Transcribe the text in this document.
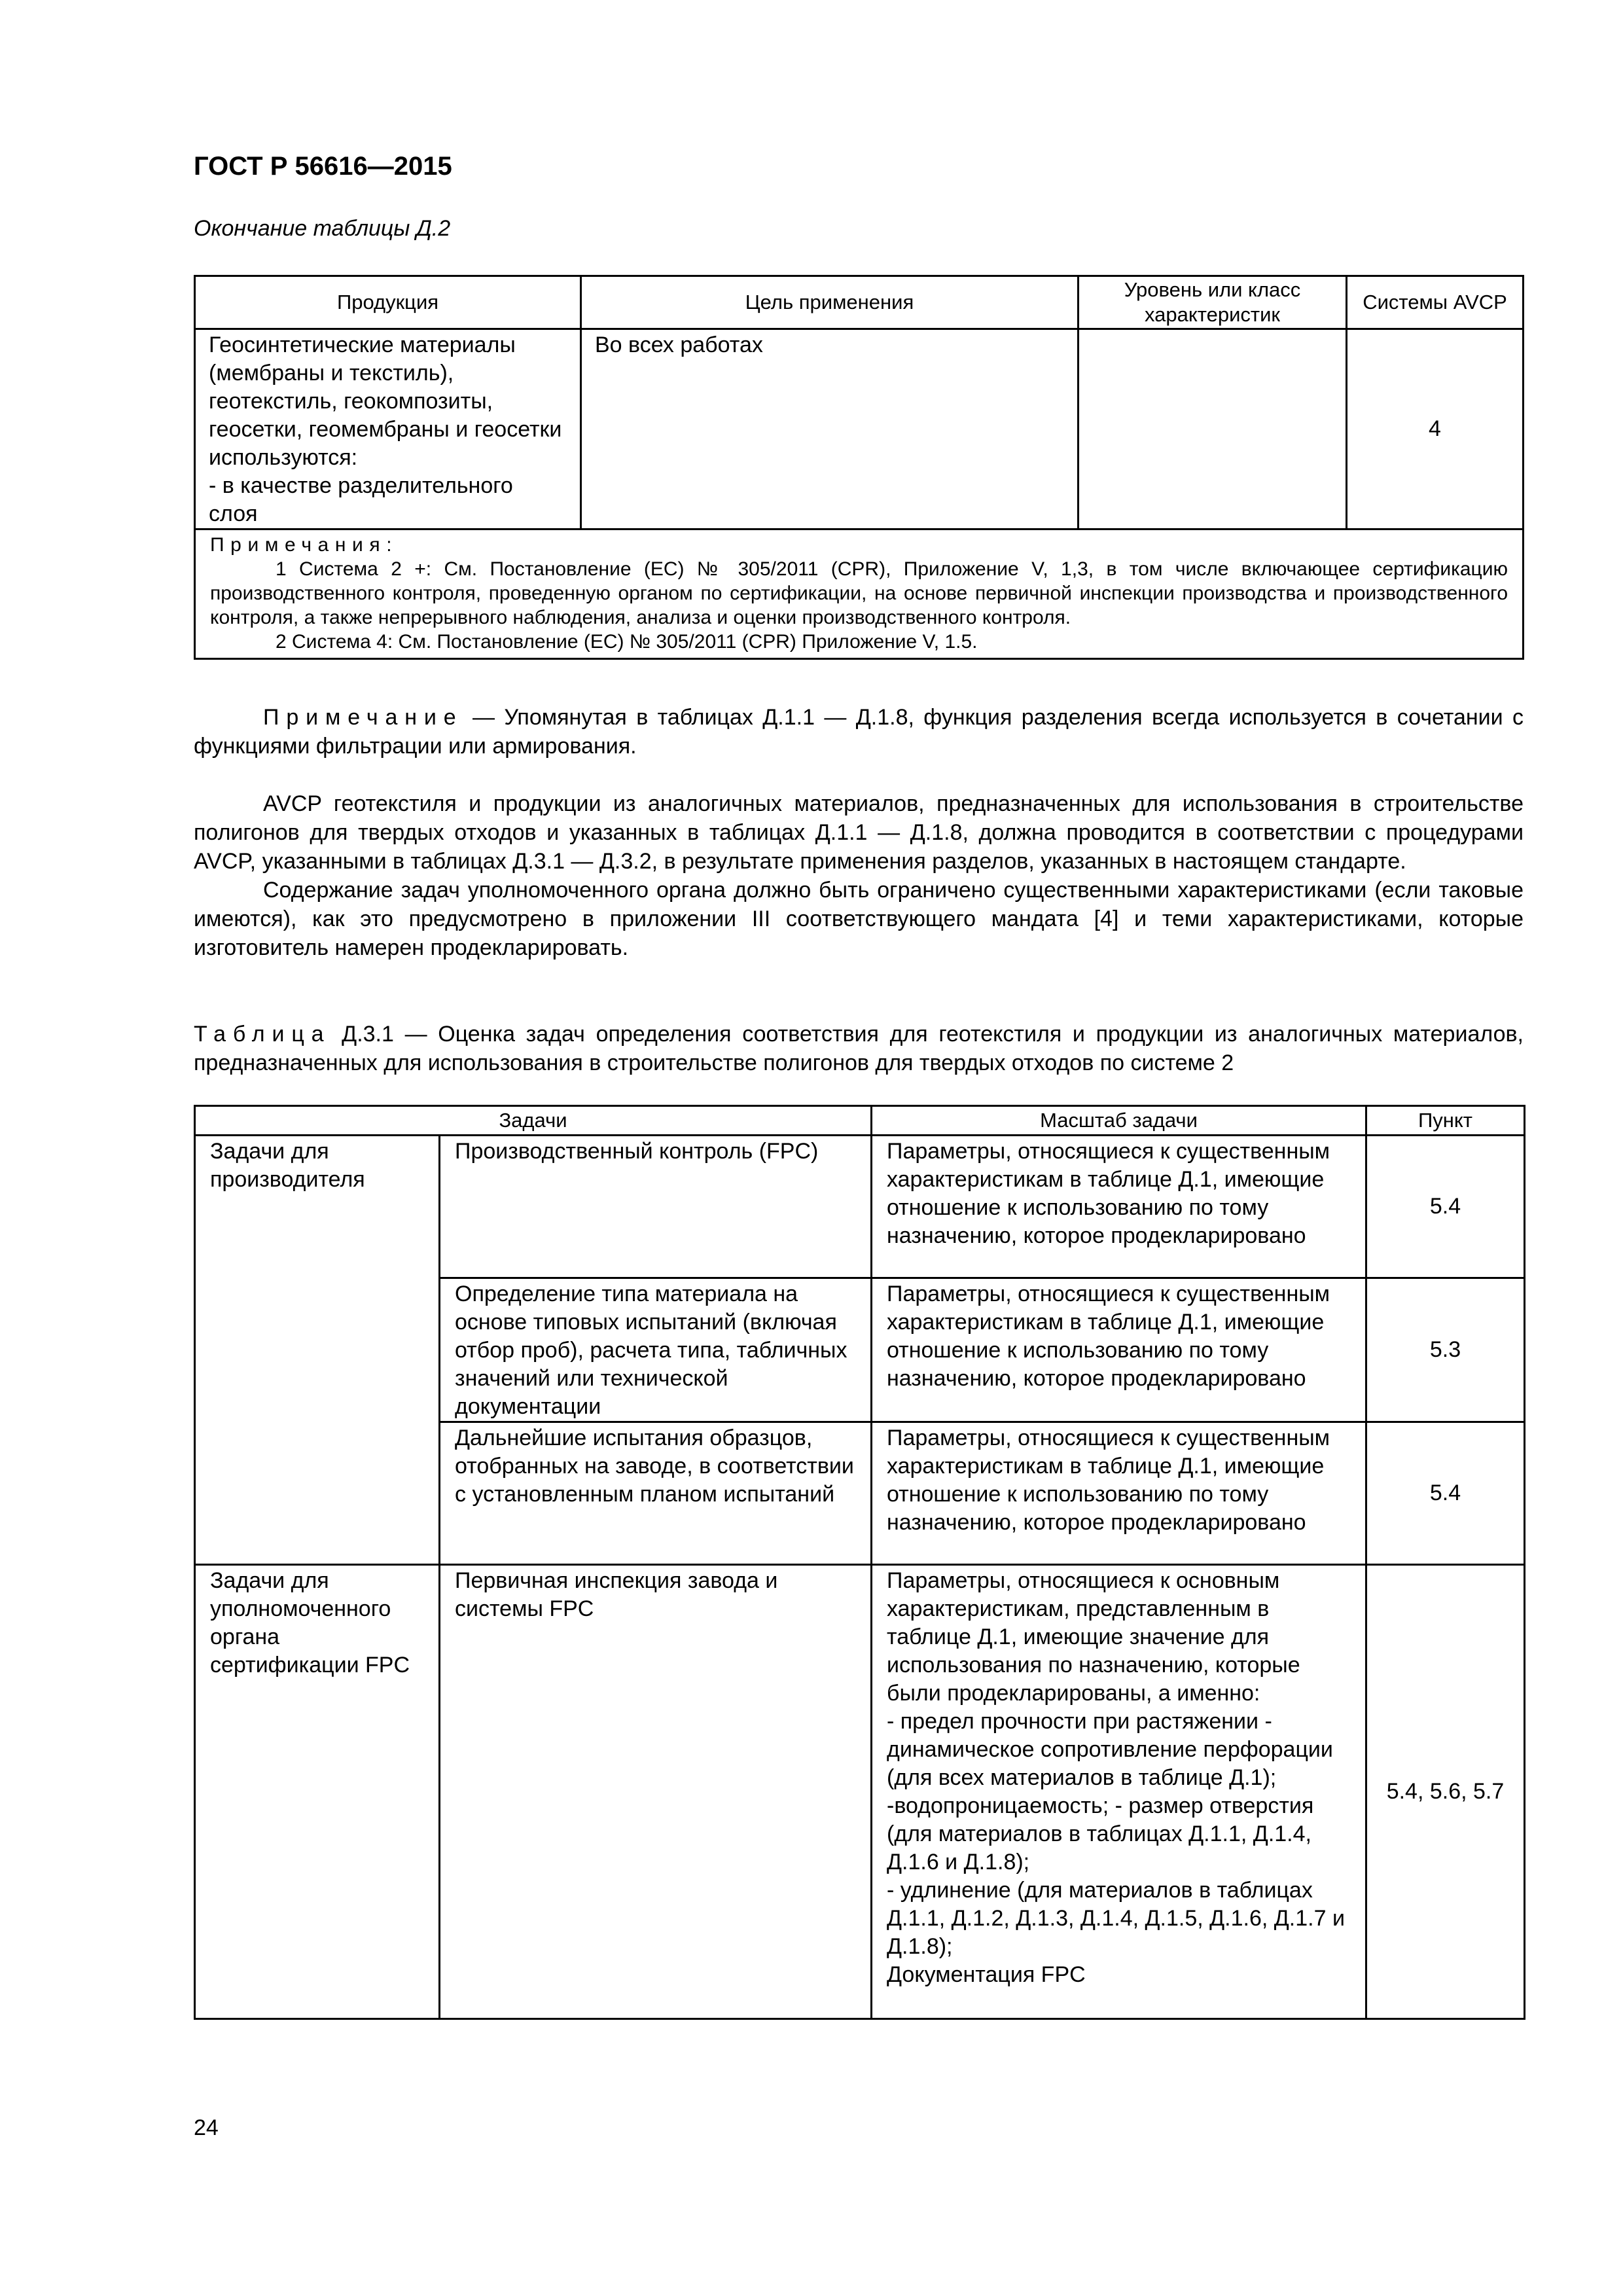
ГОСТ Р 56616—2015
Окончание таблицы Д.2
Продукция	Цель применения	Уровень или класс характеристик	Системы AVCP
Геосинтетические материалы (мембраны и текстиль), геотекстиль, геокомпозиты, геосетки, геомембраны и геосетки используются:
- в качестве разделительного слоя	Во всех работах		4

Примечания:
1 Система 2 +: См. Постановление (ЕС) № 305/2011 (CPR), Приложение V, 1,3, в том числе включающее сертификацию производственного контроля, проведенную органом по сертификации, на основе первичной инспекции производства и производственного контроля, а также непрерывного наблюдения, анализа и оценки производственного контроля.
2 Система 4: См. Постановление (ЕС) № 305/2011 (CPR) Приложение V, 1.5.			

Примечание — Упомянутая в таблицах Д.1.1 — Д.1.8, функция разделения всегда используется в сочетании с функциями фильтрации или армирования.

AVCP геотекстиля и продукции из аналогичных материалов, предназначенных для использования в строительстве полигонов для твердых отходов и указанных в таблицах Д.1.1 — Д.1.8, должна проводится в соответствии с процедурами AVCP, указанными в таблицах Д.3.1 — Д.3.2, в результате применения разделов, указанных в настоящем стандарте.

Содержание задач уполномоченного органа должно быть ограничено существенными характеристиками (если таковые имеются), как это предусмотрено в приложении III соответствующего мандата [4] и теми характеристиками, которые изготовитель намерен продекларировать.

Таблица Д.3.1 — Оценка задач определения соответствия для геотекстиля и продукции из аналогичных материалов, предназначенных для использования в строительстве полигонов для твердых отходов по системе 2
Задачи		Масштаб задачи	Пункт
Задачи для производителя	Производственный контроль (FPC)	Параметры, относящиеся к существенным характеристикам в таблице Д.1, имеющие отношение к использованию по тому назначению, которое продекларировано	5.4
	Определение типа материала на основе типовых испытаний (включая отбор проб), расчета типа, табличных значений или технической документации	Параметры, относящиеся к существенным характеристикам в таблице Д.1, имеющие отношение к использованию по тому назначению, которое продекларировано	5.3
	Дальнейшие испытания образцов, отобранных на заводе, в соответствии с установленным планом испытаний	Параметры, относящиеся к существенным характеристикам в таблице Д.1, имеющие отношение к использованию по тому назначению, которое продекларировано	5.4
Задачи для уполномоченного органа сертификации FPC	Первичная инспекция завода и системы FPC	Параметры, относящиеся к основным характеристикам, представленным в таблице Д.1, имеющие значение для использования по назначению, которые были продекларированы, а именно:
- предел прочности при растяжении - динамическое сопротивление перфорации (для всех материалов в таблице Д.1);
-водопроницаемость; - размер отверстия (для материалов в таблицах Д.1.1, Д.1.4, Д.1.6 и Д.1.8);
- удлинение (для материалов в таблицах Д.1.1, Д.1.2, Д.1.3, Д.1.4, Д.1.5, Д.1.6, Д.1.7 и Д.1.8);
Документация FPC	5.4, 5.6, 5.7
24
